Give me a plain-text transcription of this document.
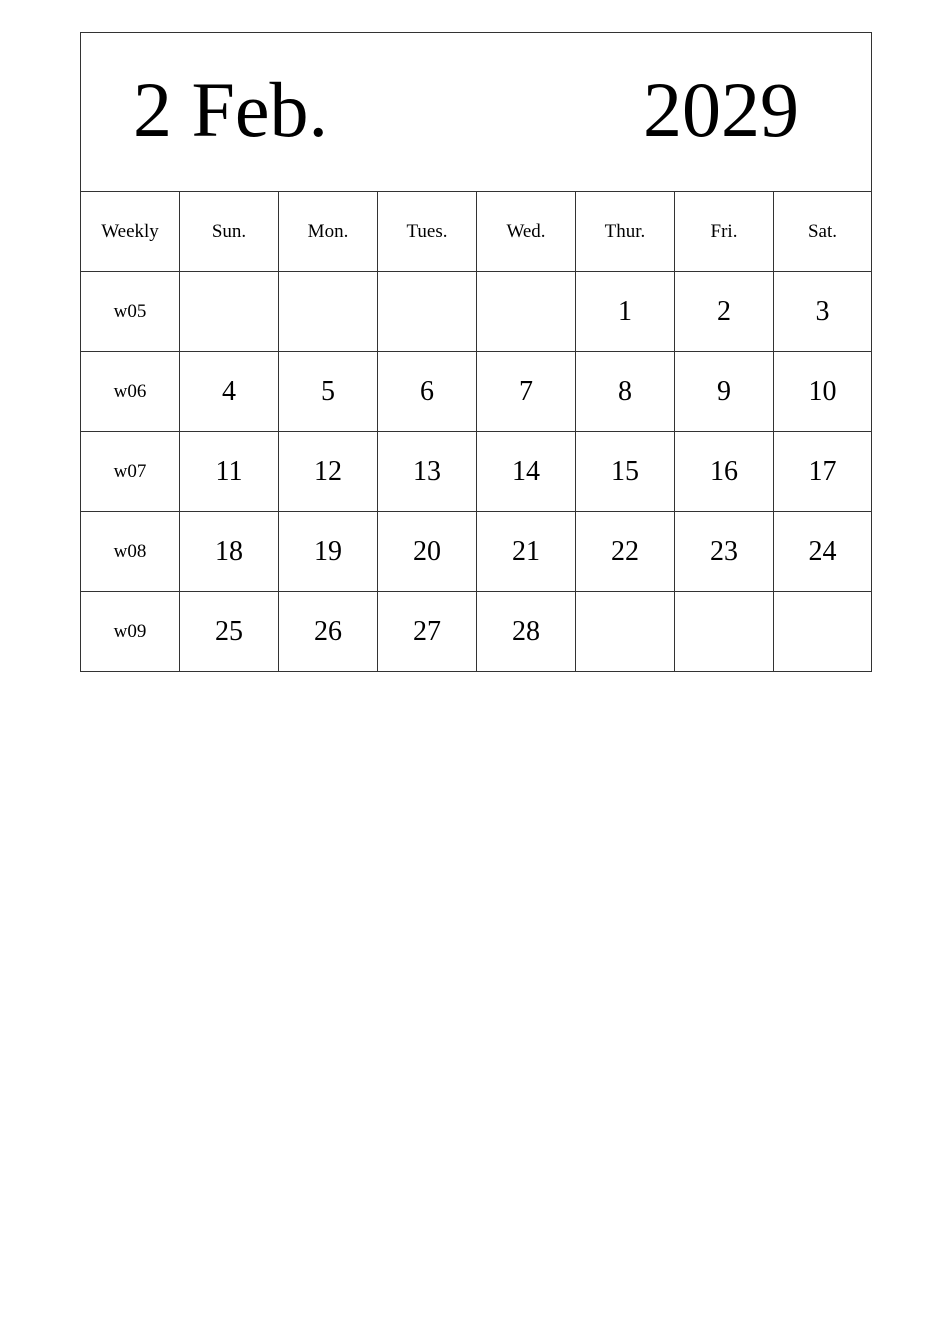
2 Feb. 2029							

Weekly	Sun.	Mon.	Tues.	Wed.	Thur.	Fri.	Sat.
w05					1	2	3
w06	4	5	6	7	8	9	10
w07	11	12	13	14	15	16	17
w08	18	19	20	21	22	23	24
w09	25	26	27	28			
